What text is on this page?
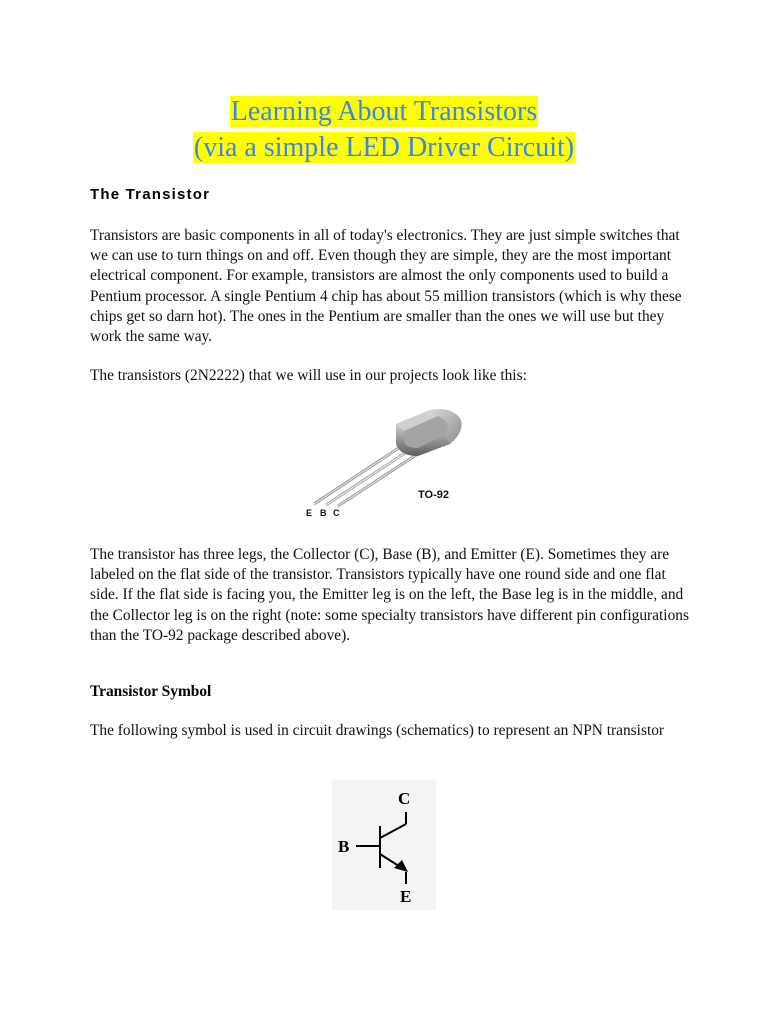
Learning About Transistors
(via a simple LED Driver Circuit)
The Transistor
Transistors are basic components in all of today's electronics. They are just simple switches that we can use to turn things on and off. Even though they are simple, they are the most important electrical component. For example, transistors are almost the only components used to build a Pentium processor. A single Pentium 4 chip has about 55 million transistors (which is why these chips get so darn hot). The ones in the Pentium are smaller than the ones we will use but they work the same way.
The transistors (2N2222) that we will use in our projects look like this:
E B C
TO-92
The transistor has three legs, the Collector (C), Base (B), and Emitter (E). Sometimes they are labeled on the flat side of the transistor. Transistors typically have one round side and one flat side. If the flat side is facing you, the Emitter leg is on the left, the Base leg is in the middle, and the Collector leg is on the right (note: some specialty transistors have different pin configurations than the TO-92 package described above).
Transistor Symbol
The following symbol is used in circuit drawings (schematics) to represent an NPN transistor
C
B
E
